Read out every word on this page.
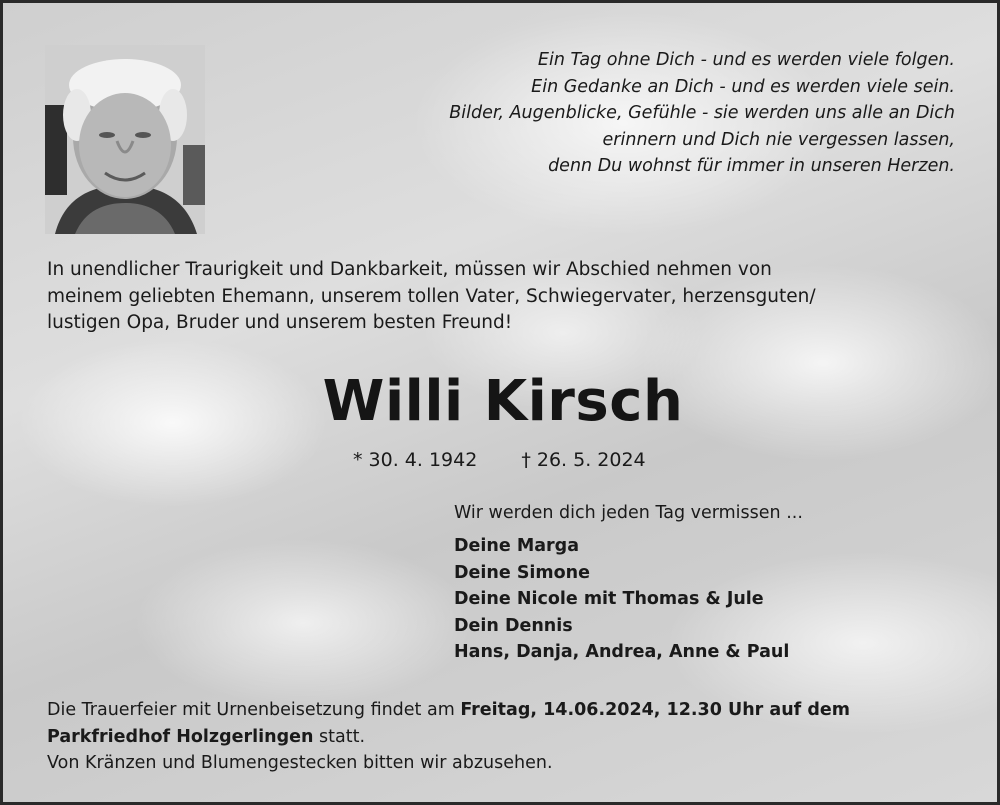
Ein Tag ohne Dich - und es werden viele folgen.
Ein Gedanke an Dich - und es werden viele sein.
Bilder, Augenblicke, Gefühle - sie werden uns alle an Dich
erinnern und Dich nie vergessen lassen,
denn Du wohnst für immer in unseren Herzen.
In unendlicher Traurigkeit und Dankbarkeit, müssen wir Abschied nehmen von
meinem geliebten Ehemann, unserem tollen Vater, Schwiegervater, herzensguten/
lustigen Opa, Bruder und unserem besten Freund!
Willi Kirsch
* 30. 4. 1942 † 26. 5. 2024
Wir werden dich jeden Tag vermissen ...
Deine Marga
Deine Simone
Deine Nicole mit Thomas & Jule
Dein Dennis
Hans, Danja, Andrea, Anne & Paul
Die Trauerfeier mit Urnenbeisetzung findet am Freitag, 14.06.2024, 12.30 Uhr auf dem
Parkfriedhof Holzgerlingen statt.
Von Kränzen und Blumengestecken bitten wir abzusehen.
